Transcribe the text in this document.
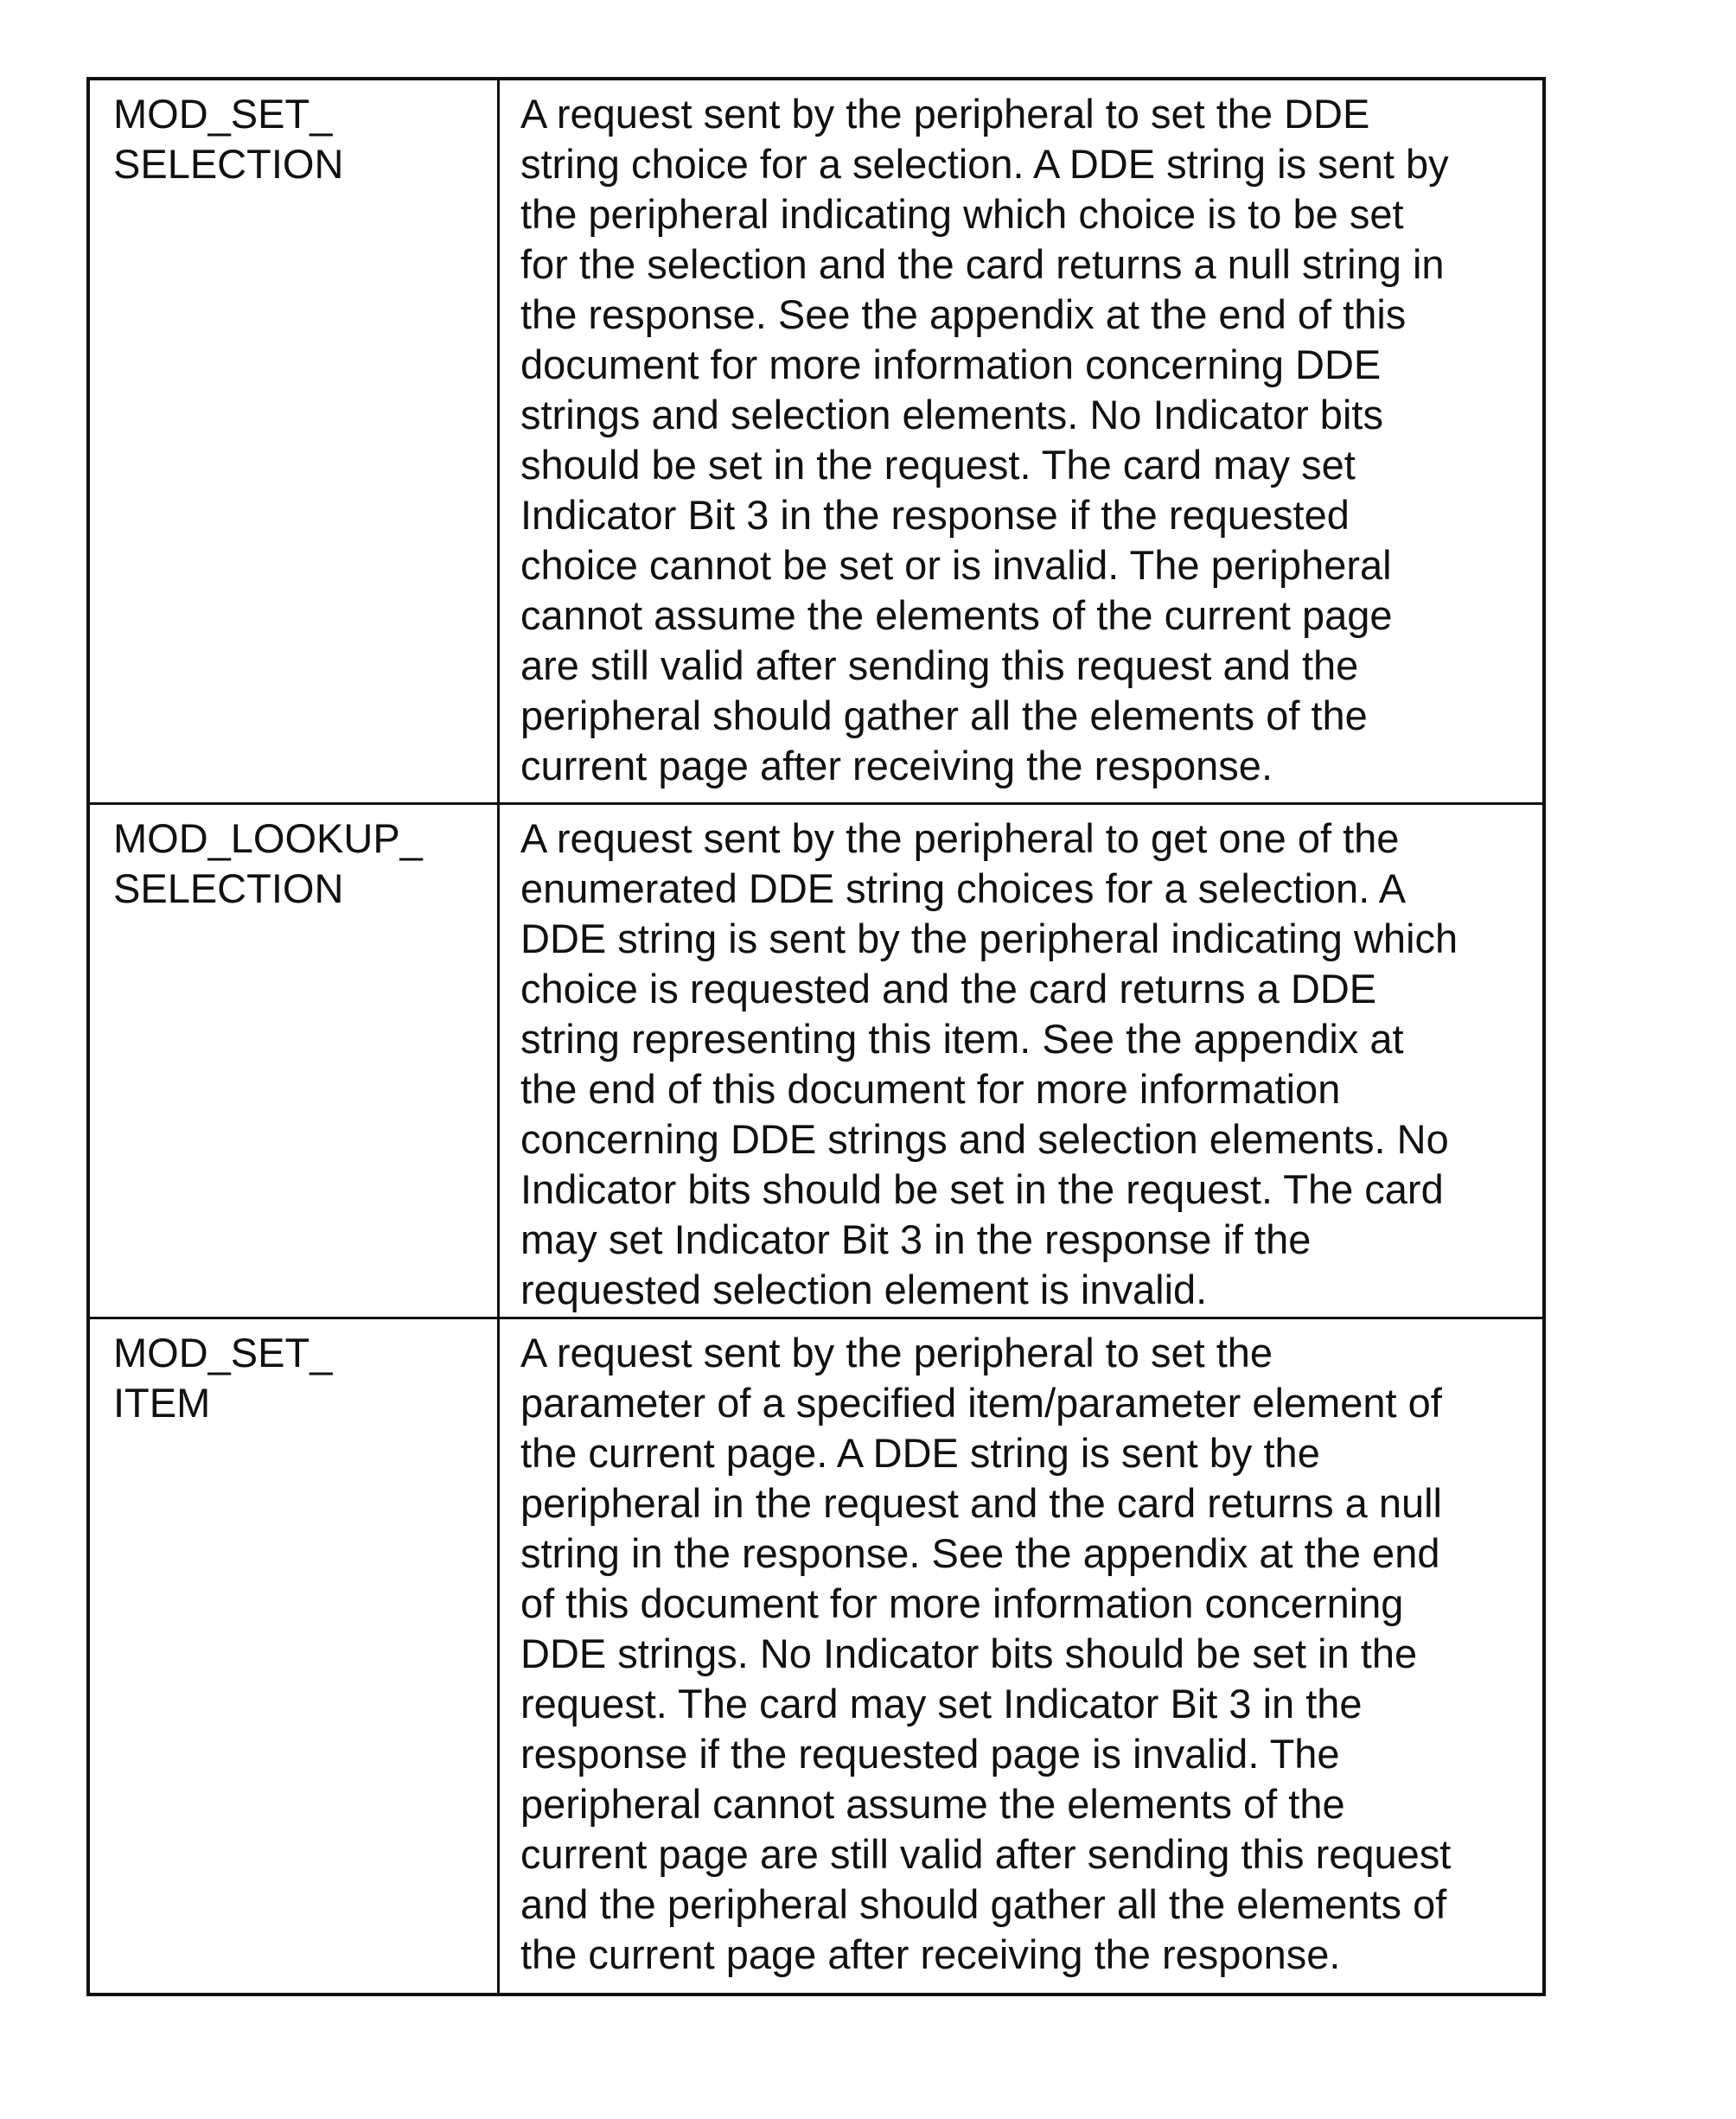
MOD_SET_
SELECTION
A request sent by the peripheral to set the DDE
string choice for a selection. A DDE string is sent by
the peripheral indicating which choice is to be set
for the selection and the card returns a null string in
the response. See the appendix at the end of this
document for more information concerning DDE
strings and selection elements. No Indicator bits
should be set in the request. The card may set
Indicator Bit 3 in the response if the requested
choice cannot be set or is invalid. The peripheral
cannot assume the elements of the current page
are still valid after sending this request and the
peripheral should gather all the elements of the
current page after receiving the response.
MOD_LOOKUP_
SELECTION
A request sent by the peripheral to get one of the
enumerated DDE string choices for a selection. A
DDE string is sent by the peripheral indicating which
choice is requested and the card returns a DDE
string representing this item. See the appendix at
the end of this document for more information
concerning DDE strings and selection elements. No
Indicator bits should be set in the request. The card
may set Indicator Bit 3 in the response if the
requested selection element is invalid.
MOD_SET_
ITEM
A request sent by the peripheral to set the
parameter of a specified item/parameter element of
the current page. A DDE string is sent by the
peripheral in the request and the card returns a null
string in the response. See the appendix at the end
of this document for more information concerning
DDE strings. No Indicator bits should be set in the
request. The card may set Indicator Bit 3 in the
response if the requested page is invalid. The
peripheral cannot assume the elements of the
current page are still valid after sending this request
and the peripheral should gather all the elements of
the current page after receiving the response.
